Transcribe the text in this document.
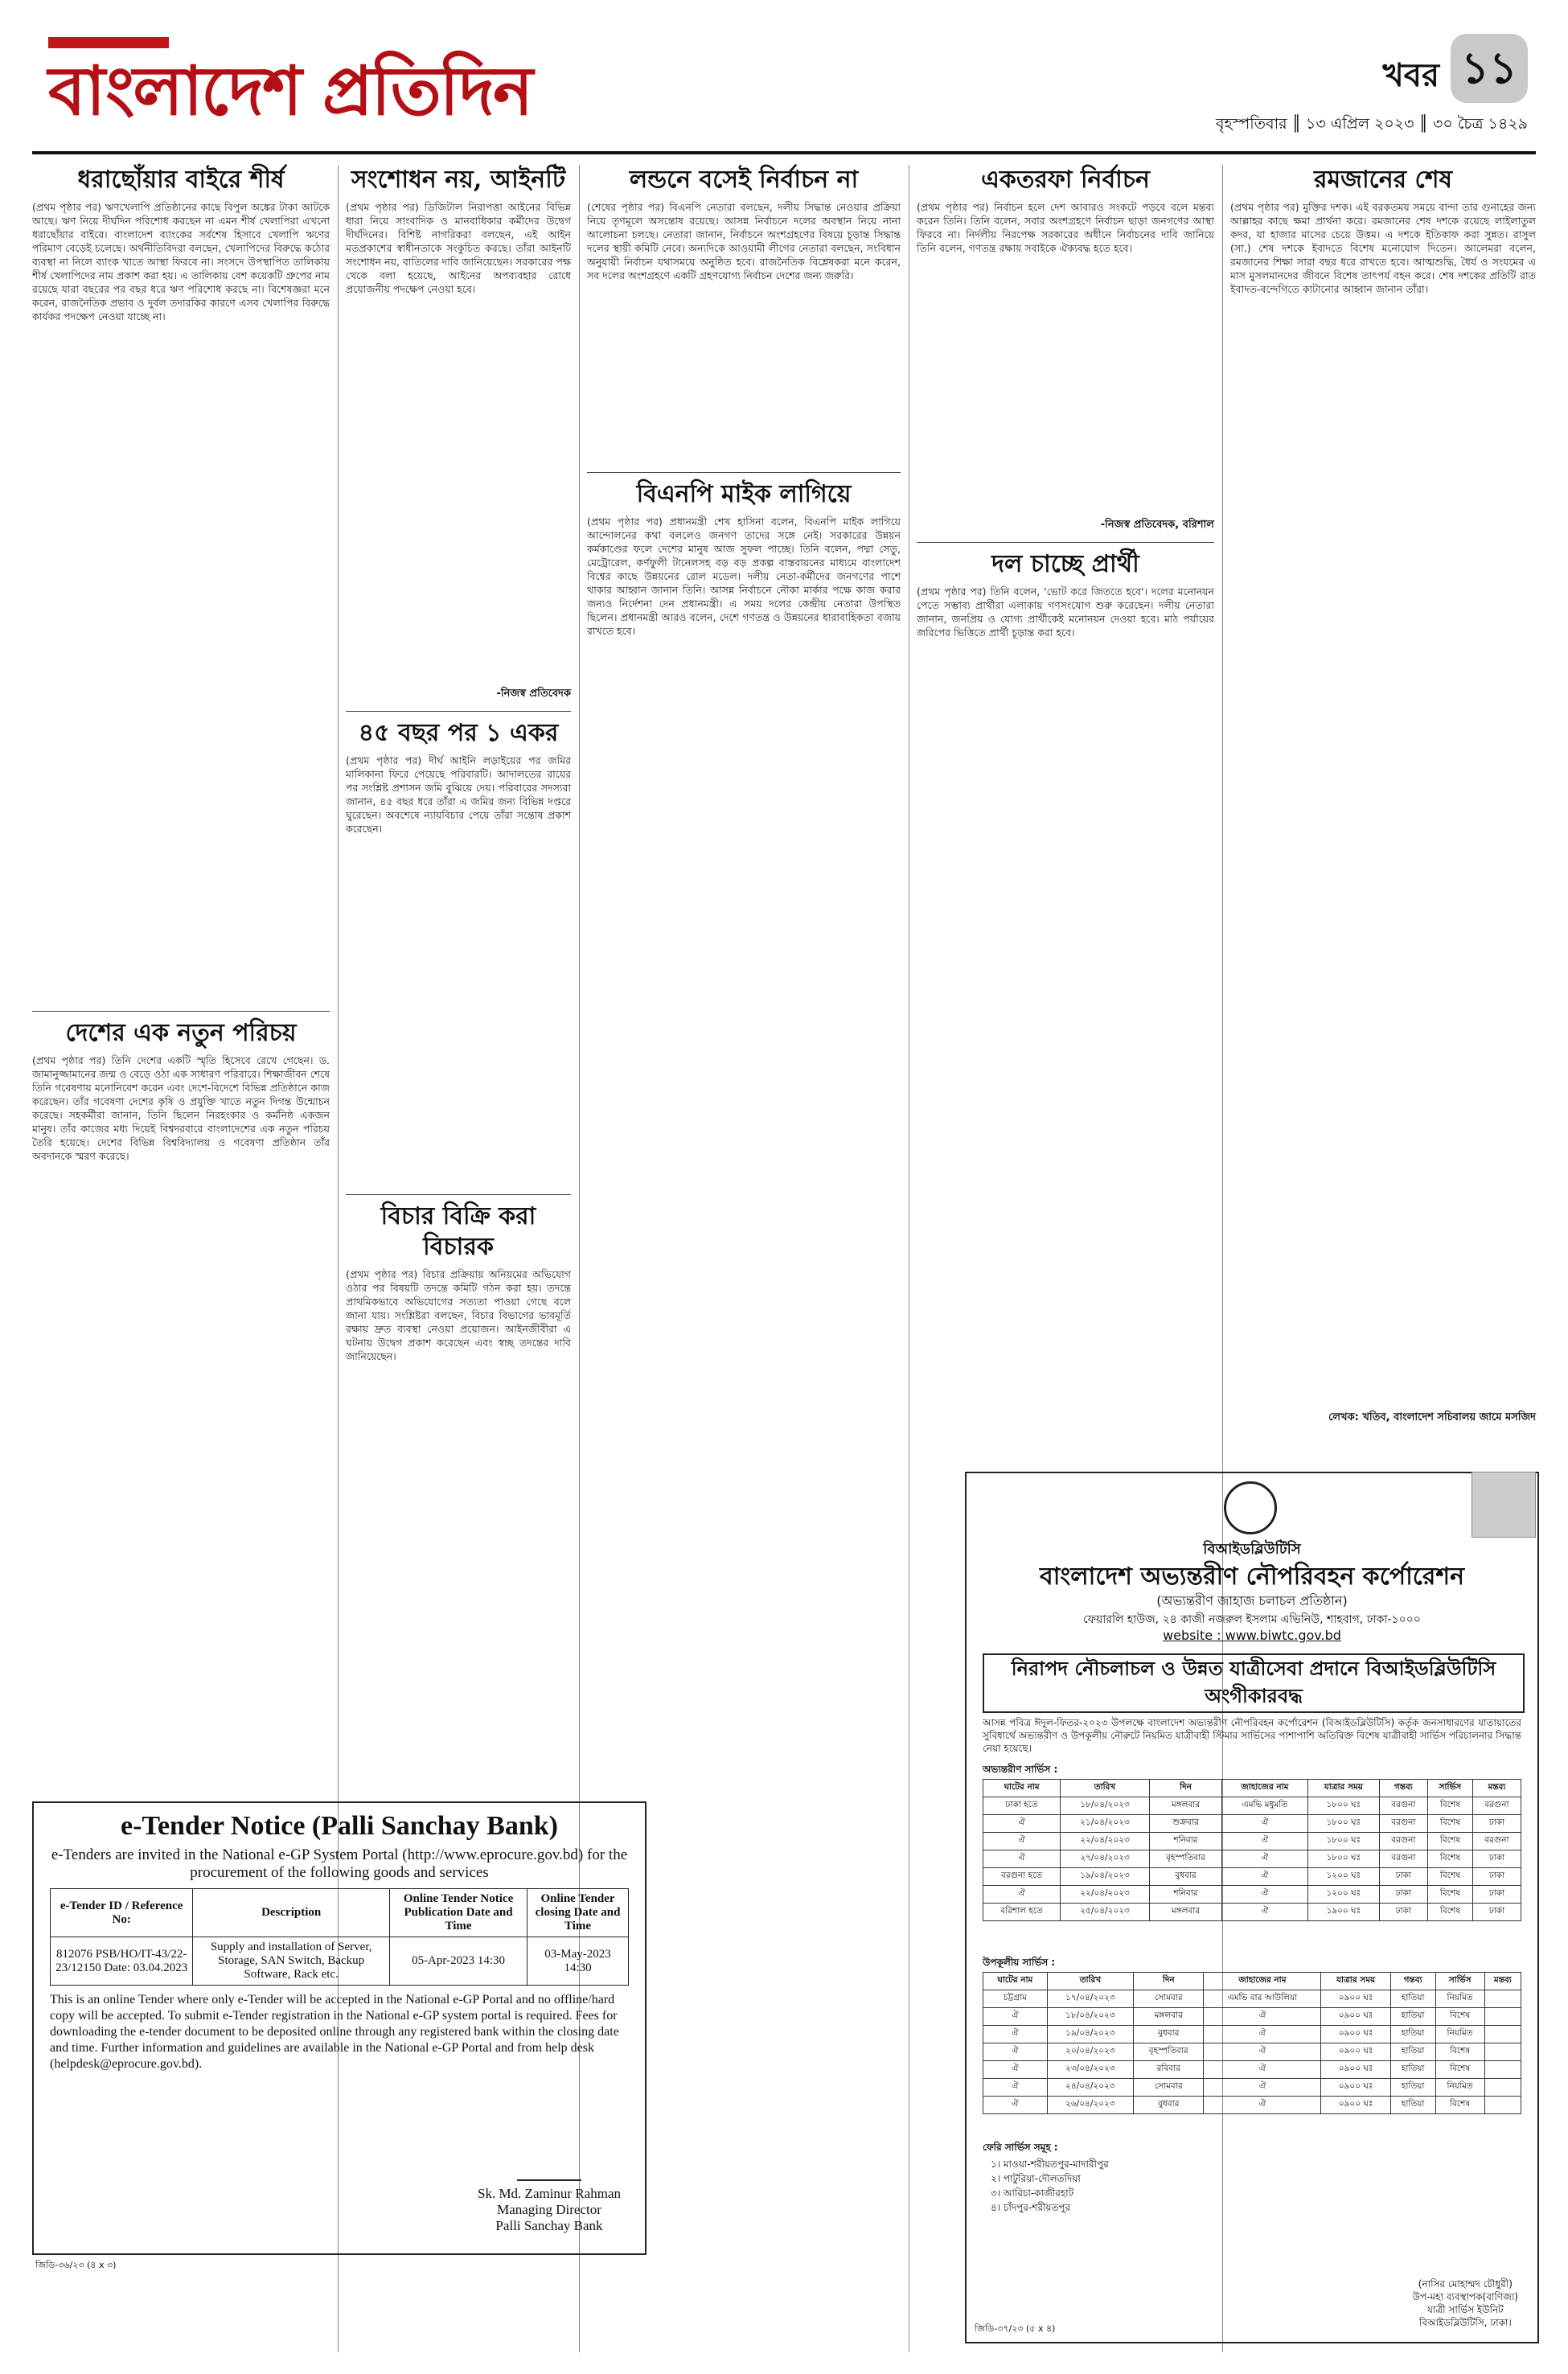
বাংলাদেশ প্রতিদিন	খবর ১১
বৃহস্পতিবার ║ ১৩ এপ্রিল ২০২৩ ║ ৩০ চৈত্র ১৪২৯
ধরাছোঁয়ার বাইরে শীর্ষ

(প্রথম পৃষ্ঠার পর) ঋণখেলাপি প্রতিষ্ঠানের কাছে বিপুল অঙ্কের টাকা আটকে আছে। ঋণ নিয়ে দীর্ঘদিন পরিশোধ করছেন না এমন শীর্ষ খেলাপিরা এখনো ধরাছোঁয়ার বাইরে। বাংলাদেশ ব্যাংকের সর্বশেষ হিসাবে খেলাপি ঋণের পরিমাণ বেড়েই চলেছে। অর্থনীতিবিদরা বলছেন, খেলাপিদের বিরুদ্ধে কঠোর ব্যবস্থা না নিলে ব্যাংক খাতে আস্থা ফিরবে না। সংসদে উপস্থাপিত তালিকায় শীর্ষ খেলাপিদের নাম প্রকাশ করা হয়। এ তালিকায় বেশ কয়েকটি গ্রুপের নাম রয়েছে যারা বছরের পর বছর ধরে ঋণ পরিশোধ করছে না। বিশেষজ্ঞরা মনে করেন, রাজনৈতিক প্রভাব ও দুর্বল তদারকির কারণে এসব খেলাপির বিরুদ্ধে কার্যকর পদক্ষেপ নেওয়া যাচ্ছে না।

দেশের এক নতুন পরিচয়

(প্রথম পৃষ্ঠার পর) তিনি দেশের একটি স্মৃতি হিসেবে রেখে গেছেন। ড. জামানুজ্জামানের জন্ম ও বেড়ে ওঠা এক সাধারণ পরিবারে। শিক্ষাজীবন শেষে তিনি গবেষণায় মনোনিবেশ করেন এবং দেশে-বিদেশে বিভিন্ন প্রতিষ্ঠানে কাজ করেছেন। তাঁর গবেষণা দেশের কৃষি ও প্রযুক্তি খাতে নতুন দিগন্ত উন্মোচন করেছে। সহকর্মীরা জানান, তিনি ছিলেন নিরহংকার ও কর্মনিষ্ঠ একজন মানুষ। তাঁর কাজের মধ্য দিয়েই বিশ্বদরবারে বাংলাদেশের এক নতুন পরিচয় তৈরি হয়েছে। দেশের বিভিন্ন বিশ্ববিদ্যালয় ও গবেষণা প্রতিষ্ঠান তাঁর অবদানকে স্মরণ করেছে।

সংশোধন নয়, আইনটি

(প্রথম পৃষ্ঠার পর) ডিজিটাল নিরাপত্তা আইনের বিভিন্ন ধারা নিয়ে সাংবাদিক ও মানবাধিকার কর্মীদের উদ্বেগ দীর্ঘদিনের। বিশিষ্ট নাগরিকরা বলছেন, এই আইন মতপ্রকাশের স্বাধীনতাকে সংকুচিত করছে। তাঁরা আইনটি সংশোধন নয়, বাতিলের দাবি জানিয়েছেন। সরকারের পক্ষ থেকে বলা হয়েছে, আইনের অপব্যবহার রোধে প্রয়োজনীয় পদক্ষেপ নেওয়া হবে।

-নিজস্ব প্রতিবেদক
৪৫ বছর পর ১ একর

(প্রথম পৃষ্ঠার পর) দীর্ঘ আইনি লড়াইয়ের পর জমির মালিকানা ফিরে পেয়েছে পরিবারটি। আদালতের রায়ের পর সংশ্লিষ্ট প্রশাসন জমি বুঝিয়ে দেয়। পরিবারের সদস্যরা জানান, ৪৫ বছর ধরে তাঁরা এ জমির জন্য বিভিন্ন দপ্তরে ঘুরেছেন। অবশেষে ন্যায়বিচার পেয়ে তাঁরা সন্তোষ প্রকাশ করেছেন।

বিচার বিক্রি করা বিচারক

(প্রথম পৃষ্ঠার পর) বিচার প্রক্রিয়ায় অনিয়মের অভিযোগ ওঠার পর বিষয়টি তদন্তে কমিটি গঠন করা হয়। তদন্তে প্রাথমিকভাবে অভিযোগের সত্যতা পাওয়া গেছে বলে জানা যায়। সংশ্লিষ্টরা বলছেন, বিচার বিভাগের ভাবমূর্তি রক্ষায় দ্রুত ব্যবস্থা নেওয়া প্রয়োজন। আইনজীবীরা এ ঘটনায় উদ্বেগ প্রকাশ করেছেন এবং স্বচ্ছ তদন্তের দাবি জানিয়েছেন।

লন্ডনে বসেই নির্বাচন না

(শেষের পৃষ্ঠার পর) বিএনপি নেতারা বলছেন, দলীয় সিদ্ধান্ত নেওয়ার প্রক্রিয়া নিয়ে তৃণমূলে অসন্তোষ রয়েছে। আসন্ন নির্বাচনে দলের অবস্থান নিয়ে নানা আলোচনা চলছে। নেতারা জানান, নির্বাচনে অংশগ্রহণের বিষয়ে চূড়ান্ত সিদ্ধান্ত দলের স্থায়ী কমিটি নেবে। অন্যদিকে আওয়ামী লীগের নেতারা বলছেন, সংবিধান অনুযায়ী নির্বাচন যথাসময়ে অনুষ্ঠিত হবে। রাজনৈতিক বিশ্লেষকরা মনে করেন, সব দলের অংশগ্রহণে একটি গ্রহণযোগ্য নির্বাচন দেশের জন্য জরুরি।

বিএনপি মাইক লাগিয়ে

(প্রথম পৃষ্ঠার পর) প্রধানমন্ত্রী শেখ হাসিনা বলেন, বিএনপি মাইক লাগিয়ে আন্দোলনের কথা বললেও জনগণ তাদের সঙ্গে নেই। সরকারের উন্নয়ন কর্মকাণ্ডের ফলে দেশের মানুষ আজ সুফল পাচ্ছে। তিনি বলেন, পদ্মা সেতু, মেট্রোরেল, কর্ণফুলী টানেলসহ বড় বড় প্রকল্প বাস্তবায়নের মাধ্যমে বাংলাদেশ বিশ্বের কাছে উন্নয়নের রোল মডেল। দলীয় নেতা-কর্মীদের জনগণের পাশে থাকার আহ্বান জানান তিনি। আসন্ন নির্বাচনে নৌকা মার্কার পক্ষে কাজ করার জন্যও নির্দেশনা দেন প্রধানমন্ত্রী। এ সময় দলের কেন্দ্রীয় নেতারা উপস্থিত ছিলেন। প্রধানমন্ত্রী আরও বলেন, দেশে গণতন্ত্র ও উন্নয়নের ধারাবাহিকতা বজায় রাখতে হবে।

একতরফা নির্বাচন

(প্রথম পৃষ্ঠার পর) নির্বাচন হলে দেশ আবারও সংকটে পড়বে বলে মন্তব্য করেন তিনি। তিনি বলেন, সবার অংশগ্রহণে নির্বাচন ছাড়া জনগণের আস্থা ফিরবে না। নির্দলীয় নিরপেক্ষ সরকারের অধীনে নির্বাচনের দাবি জানিয়ে তিনি বলেন, গণতন্ত্র রক্ষায় সবাইকে ঐক্যবদ্ধ হতে হবে।

-নিজস্ব প্রতিবেদক, বরিশাল
দল চাচ্ছে প্রার্থী

(প্রথম পৃষ্ঠার পর) তিনি বলেন, 'ভোট করে জিততে হবে'। দলের মনোনয়ন পেতে সম্ভাব্য প্রার্থীরা এলাকায় গণসংযোগ শুরু করেছেন। দলীয় নেতারা জানান, জনপ্রিয় ও যোগ্য প্রার্থীকেই মনোনয়ন দেওয়া হবে। মাঠ পর্যায়ের জরিপের ভিত্তিতে প্রার্থী চূড়ান্ত করা হবে।

রমজানের শেষ

(প্রথম পৃষ্ঠার পর) মুক্তির দশক। এই বরকতময় সময়ে বান্দা তার গুনাহের জন্য আল্লাহর কাছে ক্ষমা প্রার্থনা করে। রমজানের শেষ দশকে রয়েছে লাইলাতুল কদর, যা হাজার মাসের চেয়ে উত্তম। এ দশকে ইতিকাফ করা সুন্নত। রাসুল (সা.) শেষ দশকে ইবাদতে বিশেষ মনোযোগ দিতেন। আলেমরা বলেন, রমজানের শিক্ষা সারা বছর ধরে রাখতে হবে। আত্মশুদ্ধি, ধৈর্য ও সংযমের এ মাস মুসলমানদের জীবনে বিশেষ তাৎপর্য বহন করে। শেষ দশকের প্রতিটি রাত ইবাদত-বন্দেগিতে কাটানোর আহ্বান জানান তাঁরা।

লেখক: খতিব, বাংলাদেশ সচিবালয় জামে মসজিদ
e-Tender Notice (Palli Sanchay Bank)
e-Tenders are invited in the National e-GP System Portal (http://www.eprocure.gov.bd) for the procurement of the following goods and services
e-Tender ID / Reference No:	Description	Online Tender Notice Publication Date and Time	Online Tender closing Date and Time
812076 PSB/HO/IT-43/22-23/12150 Date: 03.04.2023	Supply and installation of Server, Storage, SAN Switch, Backup Software, Rack etc.	05-Apr-2023 14:30	03-May-2023 14:30
This is an online Tender where only e-Tender will be accepted in the National e-GP Portal and no offline/hard copy will be accepted. To submit e-Tender registration in the National e-GP system portal is required. Fees for downloading the e-tender document to be deposited online through any registered bank within the closing date and time. Further information and guidelines are available in the National e-GP Portal and from help desk (helpdesk@eprocure.gov.bd).
Sk. Md. Zaminur Rahman
Managing Director
Palli Sanchay Bank
জিডি-৩৬/২৩ (৪ x ৩)
বিআইডব্লিউটিসি
বাংলাদেশ অভ্যন্তরীণ নৌপরিবহন কর্পোরেশন
(অভ্যন্তরীণ জাহাজ চলাচল প্রতিষ্ঠান)
ফেয়ারলি হাউজ, ২৪ কাজী নজরুল ইসলাম এভিনিউ, শাহবাগ, ঢাকা-১০০০
website : www.biwtc.gov.bd
নিরাপদ নৌচলাচল ও উন্নত যাত্রীসেবা প্রদানে বিআইডব্লিউটিসি অংগীকারবদ্ধ
আসন্ন পবিত্র ঈদুল-ফিতর-২০২৩ উপলক্ষে বাংলাদেশ অভ্যন্তরীণ নৌপরিবহন কর্পোরেশন (বিআইডব্লিউটিসি) কর্তৃক জনসাধারণের যাতায়াতের সুবিধার্থে অভ্যন্তরীণ ও উপকূলীয় নৌরুটে নিয়মিত যাত্রীবাহী স্টিমার সার্ভিসের পাশাপাশি অতিরিক্ত বিশেষ যাত্রীবাহী সার্ভিস পরিচালনার সিদ্ধান্ত নেয়া হয়েছে।
অভ্যন্তরীণ সার্ভিস :
ঘাটের নাম	তারিখ	দিন	জাহাজের নাম	যাত্রার সময়	গন্তব্য	সার্ভিস	মন্তব্য
ঢাকা হতে	১৮/০৪/২০২৩	মঙ্গলবার	এমভি মধুমতি	১৮০০ ঘঃ	বরগুনা	বিশেষ	বরগুনা
ঐ	২১/০৪/২০২৩	শুক্রবার	ঐ	১৮০০ ঘঃ	বরগুনা	বিশেষ	ঢাকা
ঐ	২২/০৪/২০২৩	শনিবার	ঐ	১৮০০ ঘঃ	বরগুনা	বিশেষ	বরগুনা
ঐ	২৭/০৪/২০২৩	বৃহস্পতিবার	ঐ	১৮০০ ঘঃ	বরগুনা	বিশেষ	ঢাকা
বরগুনা হতে	১৯/০৪/২০২৩	বুধবার	ঐ	১২০০ ঘঃ	ঢাকা	বিশেষ	ঢাকা
ঐ	২২/০৪/২০২৩	শনিবার	ঐ	১২০০ ঘঃ	ঢাকা	বিশেষ	ঢাকা
বরিশাল হতে	২৫/০৪/২০২৩	মঙ্গলবার	ঐ	১৯০০ ঘঃ	ঢাকা	বিশেষ	ঢাকা
উপকূলীয় সার্ভিস :
ঘাটের নাম	তারিখ	দিন	জাহাজের নাম	যাত্রার সময়	গন্তব্য	সার্ভিস	মন্তব্য
চট্টগ্রাম	১৭/০৪/২০২৩	সোমবার	এমভি বার আউলিয়া	০৯০০ ঘঃ	হাতিয়া	নিয়মিত	
ঐ	১৮/০৪/২০২৩	মঙ্গলবার	ঐ	০৯০০ ঘঃ	হাতিয়া	বিশেষ	
ঐ	১৯/০৪/২০২৩	বুধবার	ঐ	০৯০০ ঘঃ	হাতিয়া	নিয়মিত	
ঐ	২০/০৪/২০২৩	বৃহস্পতিবার	ঐ	০৯০০ ঘঃ	হাতিয়া	বিশেষ	
ঐ	২৩/০৪/২০২৩	রবিবার	ঐ	০৯০০ ঘঃ	হাতিয়া	বিশেষ	
ঐ	২৪/০৪/২০২৩	সোমবার	ঐ	০৯০০ ঘঃ	হাতিয়া	নিয়মিত	
ঐ	২৬/০৪/২০২৩	বুধবার	ঐ	০৯০০ ঘঃ	হাতিয়া	বিশেষ	
ফেরি সার্ভিস সমূহ :
১। মাওয়া-শরীয়তপুর-মাদারীপুর
২। পাটুরিয়া-দৌলতদিয়া
৩। আরিচা-কাজীরহাট
৪। চাঁদপুর-শরীয়তপুর
(নাসির মোহাম্মদ চৌধুরী)
উপ-মহা ব্যবস্থাপক(বাণিজ্য)
যাত্রী সার্ভিস ইউনিট
বিআইডব্লিউটিসি, ঢাকা।
জিডি-৩৭/২৩ (৫ x ৪)
